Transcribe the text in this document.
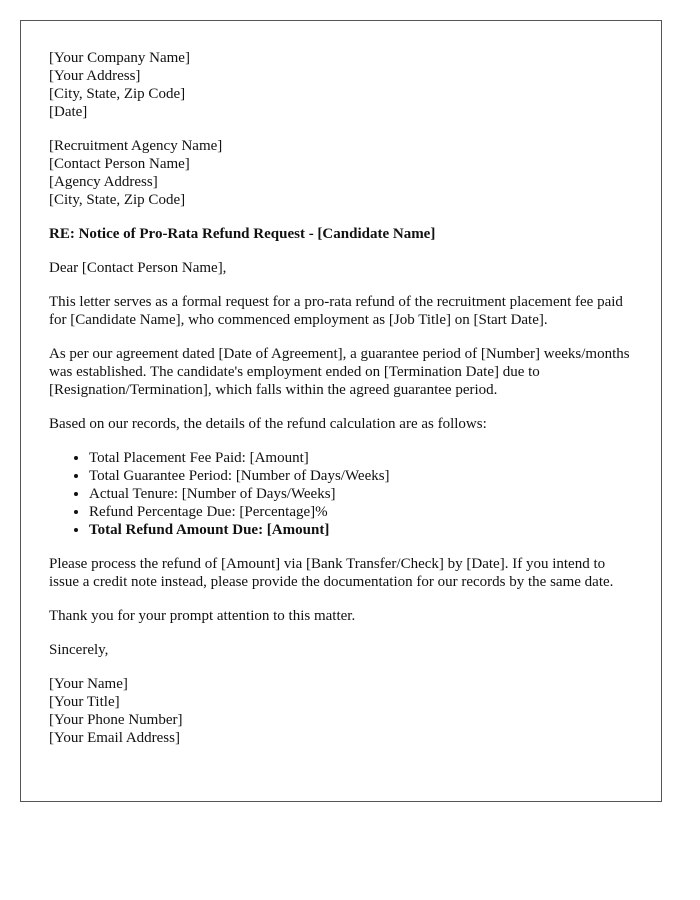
[Your Company Name]
[Your Address]
[City, State, Zip Code]
[Date]
[Recruitment Agency Name]
[Contact Person Name]
[Agency Address]
[City, State, Zip Code]

RE: Notice of Pro-Rata Refund Request - [Candidate Name]

Dear [Contact Person Name],

This letter serves as a formal request for a pro-rata refund of the recruitment placement fee paid for [Candidate Name], who commenced employment as [Job Title] on [Start Date].

As per our agreement dated [Date of Agreement], a guarantee period of [Number] weeks/months was established. The candidate's employment ended on [Termination Date] due to [Resignation/Termination], which falls within the agreed guarantee period.

Based on our records, the details of the refund calculation are as follows:

• Total Placement Fee Paid: [Amount]
• Total Guarantee Period: [Number of Days/Weeks]
• Actual Tenure: [Number of Days/Weeks]
• Refund Percentage Due: [Percentage]%
• Total Refund Amount Due: [Amount]

Please process the refund of [Amount] via [Bank Transfer/Check] by [Date]. If you intend to issue a credit note instead, please provide the documentation for our records by the same date.

Thank you for your prompt attention to this matter.

Sincerely,

[Your Name]
[Your Title]
[Your Phone Number]
[Your Email Address]
